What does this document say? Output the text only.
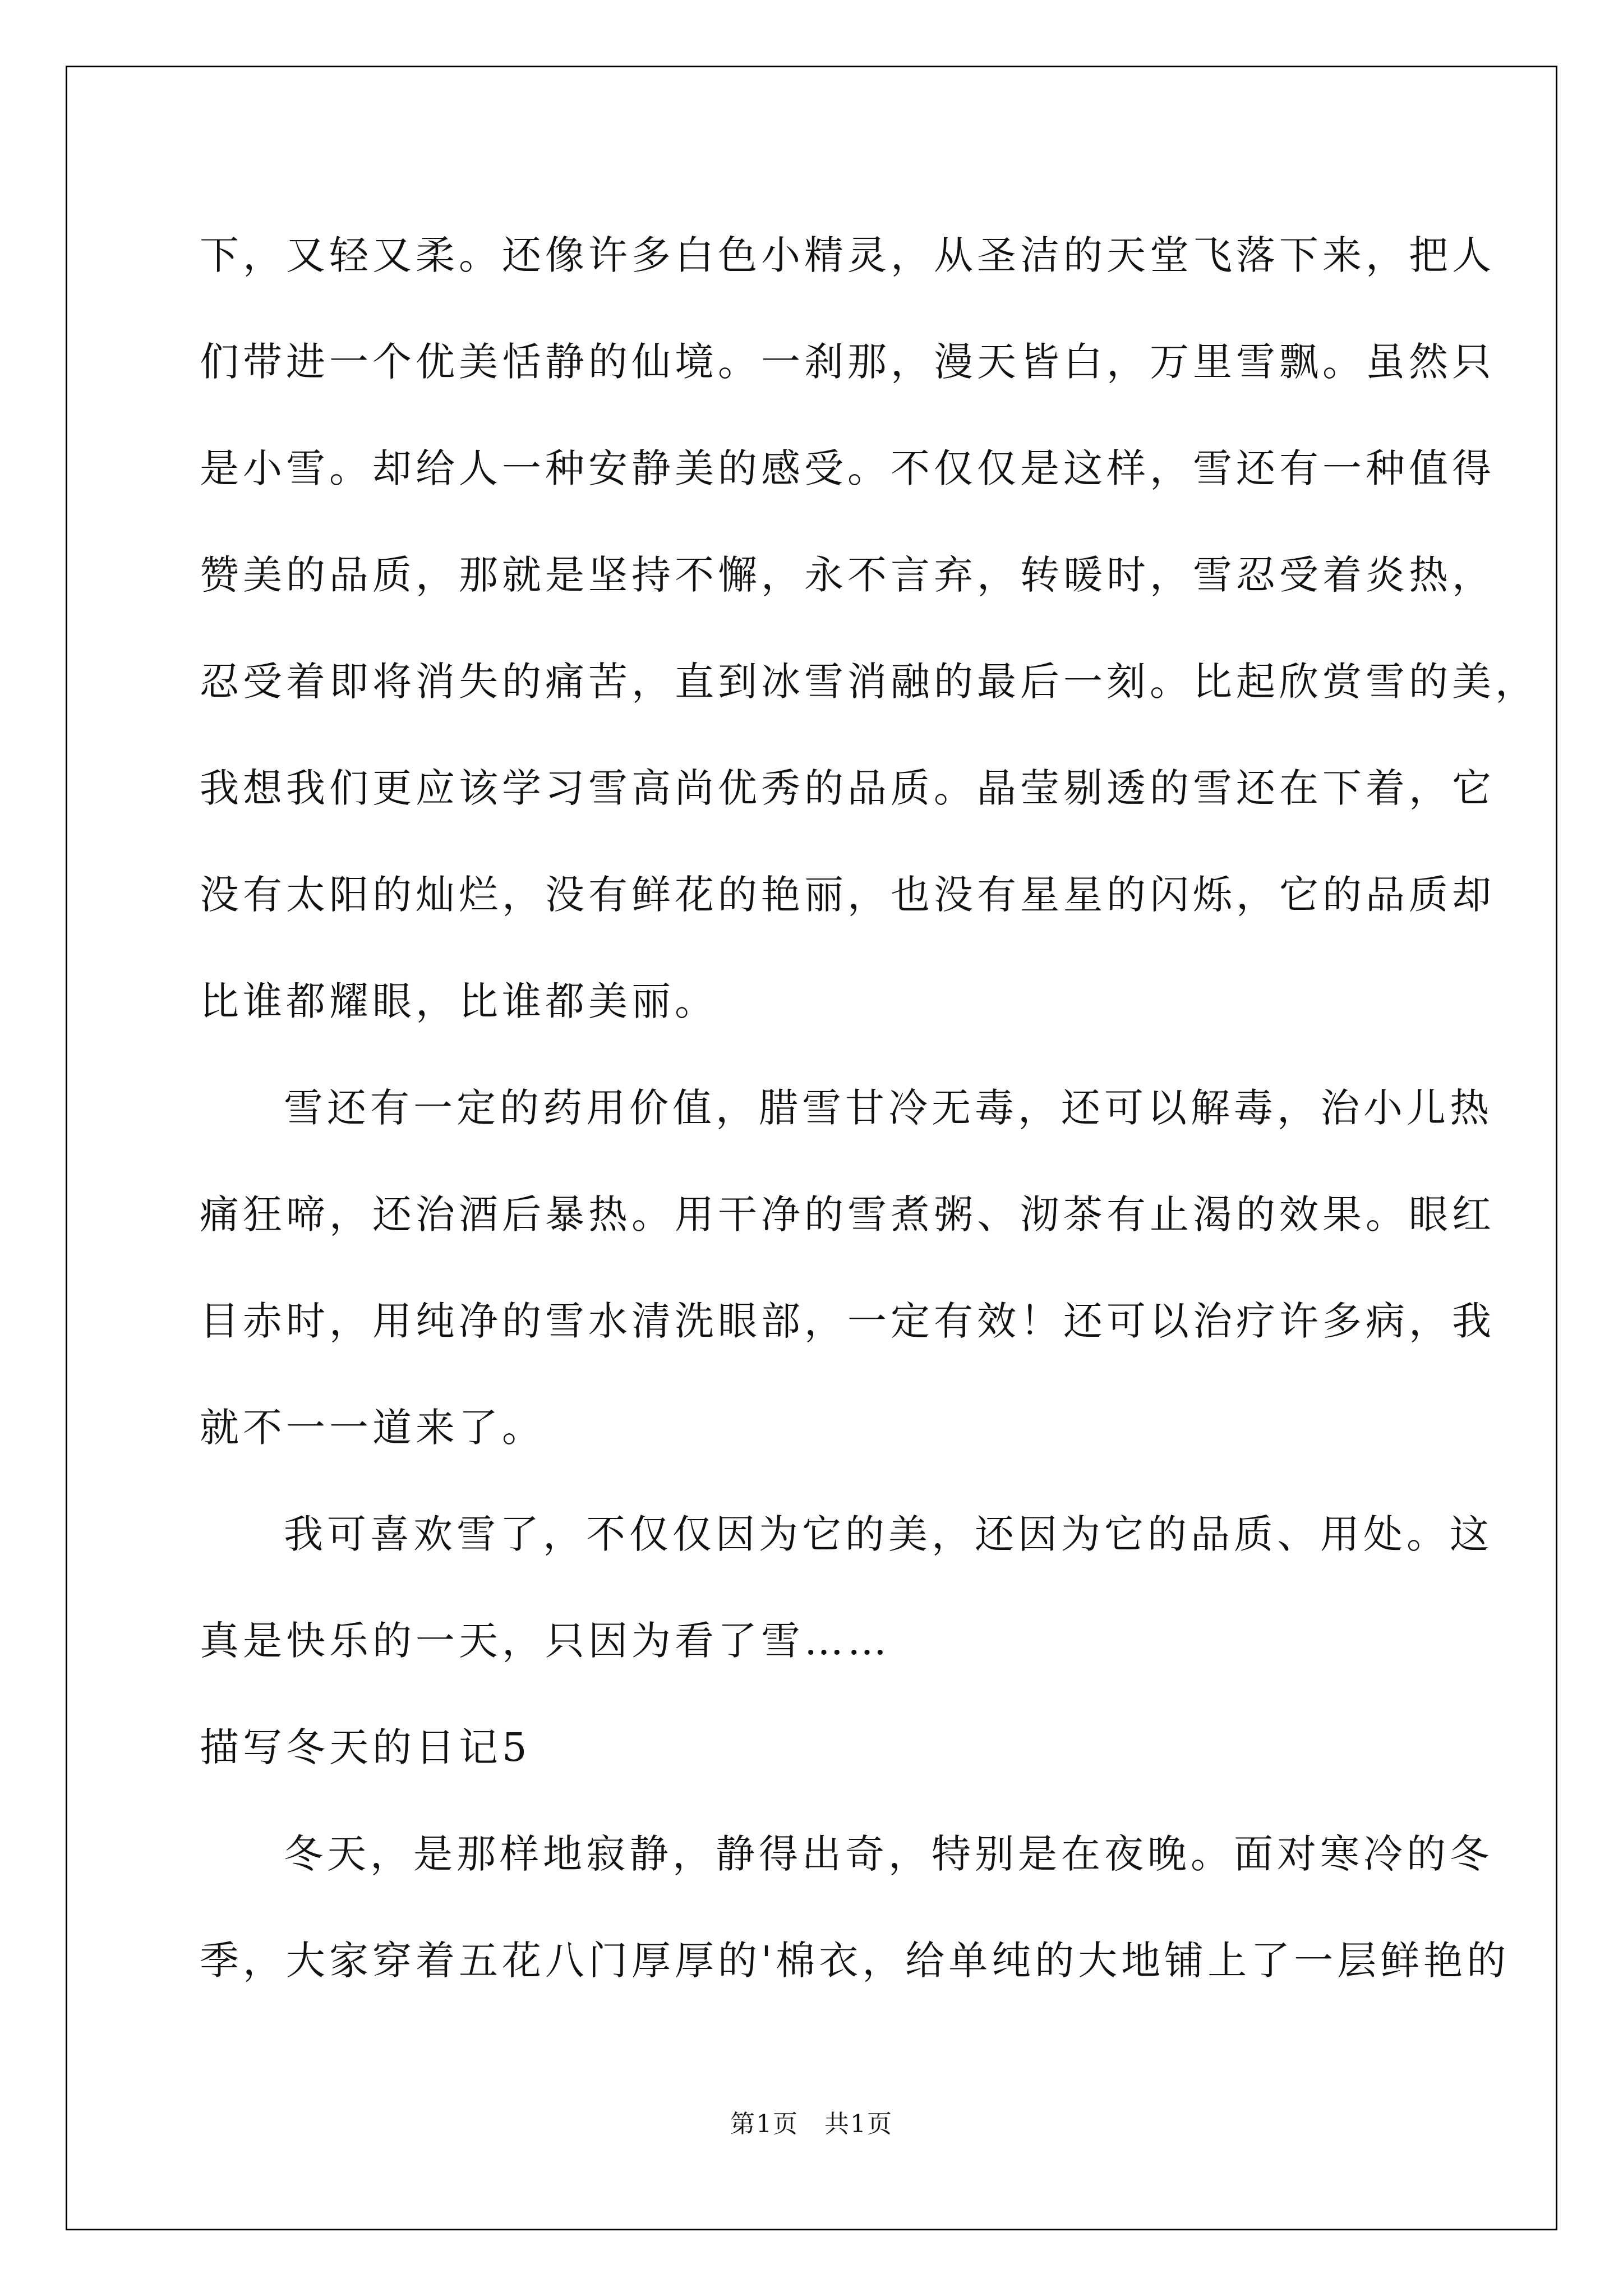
下，又轻又柔。还像许多白色小精灵，从圣洁的天堂飞落下来，把人
们带进一个优美恬静的仙境。一刹那，漫天皆白，万里雪飘。虽然只
是小雪。却给人一种安静美的感受。不仅仅是这样，雪还有一种值得
赞美的品质，那就是坚持不懈，永不言弃，转暖时，雪忍受着炎热，
忍受着即将消失的痛苦，直到冰雪消融的最后一刻。比起欣赏雪的美，
我想我们更应该学习雪高尚优秀的品质。晶莹剔透的雪还在下着，它
没有太阳的灿烂，没有鲜花的艳丽，也没有星星的闪烁，它的品质却
比谁都耀眼，比谁都美丽。
雪还有一定的药用价值，腊雪甘冷无毒，还可以解毒，治小儿热
痛狂啼，还治酒后暴热。用干净的雪煮粥、沏茶有止渴的效果。眼红
目赤时，用纯净的雪水清洗眼部，一定有效！还可以治疗许多病，我
就不一一道来了。
我可喜欢雪了，不仅仅因为它的美，还因为它的品质、用处。这
真是快乐的一天，只因为看了雪……
描写冬天的日记5
冬天，是那样地寂静，静得出奇，特别是在夜晚。面对寒冷的冬
季，大家穿着五花八门厚厚的'棉衣，给单纯的大地铺上了一层鲜艳的
第1页　共1页
